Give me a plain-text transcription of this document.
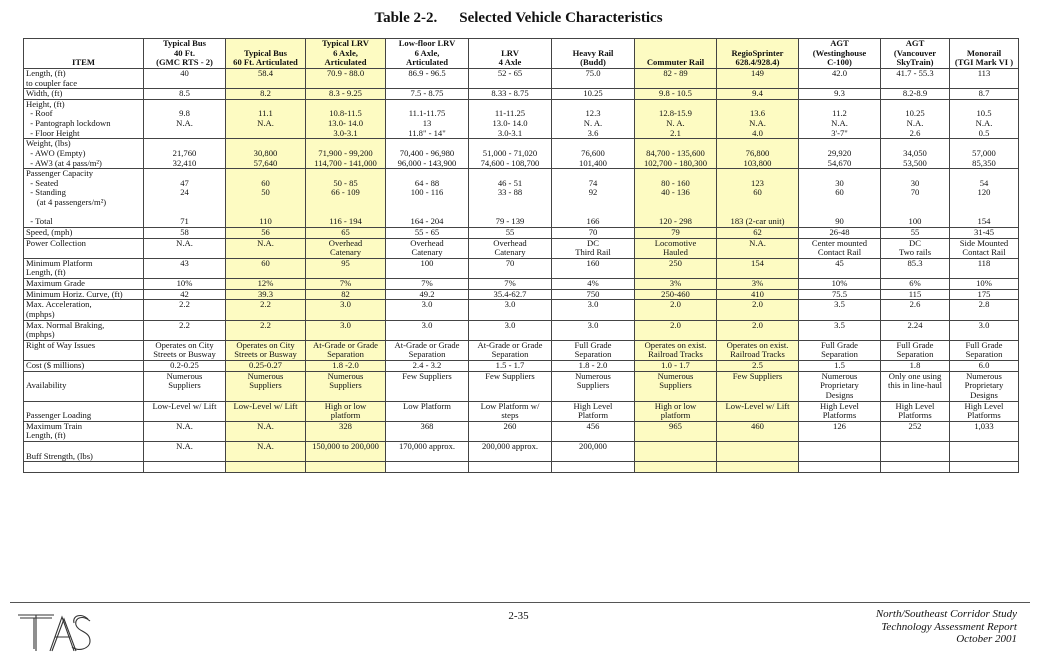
Table 2-2. Selected Vehicle Characteristics
ITEM	Typical Bus
40 Ft.
(GMC RTS - 2)	Typical Bus
60 Ft. Articulated	Typical LRV
6 Axle,
Articulated	Low-floor LRV
6 Axle,
Articulated	LRV
4 Axle	Heavy Rail
(Budd)	Commuter Rail	RegioSprinter
628.4/928.4)	AGT
(Westinghouse
C-100)	AGT
(Vancouver
SkyTrain)	Monorail
(TGI Mark VI )

Length, (ft)
to coupler face	40	58.4	70.9 - 88.0	86.9 - 96.5	52 - 65	75.0	82 - 89	149	42.0	41.7 - 55.3	113

Width, (ft)	8.5	8.2	8.3 - 9.25	7.5 - 8.75	8.33 - 8.75	10.25	9.8 - 10.5	9.4	9.3	8.2-8.9	8.7

Height, (ft)
- Roof
- Pantograph lockdown
- Floor Height	9.8
N.A.	11.1
N.A.	10.8-11.5
13.0- 14.0
3.0-3.1	11.1-11.75
13
11.8" - 14"	11-11.25
13.0- 14.0
3.0-3.1	12.3
N. A.
3.6	12.8-15.9
N. A.
2.1	13.6
N.A.
4.0	11.2
N.A.
3'-7"	10.25
N.A.
2.6	10.5
N.A.
0.5

Weight, (lbs)
- AWO (Empty)
- AW3 (at 4 pass/m²)	21,760
32,410	30,800
57,640	71,900 - 99,200
114,700 - 141,000	70,400 - 96,980
96,000 - 143,900	51,000 - 71,020
74,600 - 108,700	76,600
101,400	84,700 - 135,600
102,700 - 180,300	76,800
103,800	29,920
54,670	34,050
53,500	57,000
85,350

Passenger Capacity
- Seated
- Standing
(at 4 passengers/m²)

- Total	47
24

71	60
50

110	50 - 85
66 - 109

116 - 194	64 - 88
100 - 116

164 - 204	46 - 51
33 - 88

79 - 139	74
92

166	80 - 160
40 - 136

120 - 298	123
60

183 (2-car unit)	30
60

90	30
70

100	54
120

154

Speed, (mph)	58	56	65	55 - 65	55	70	79	62	26-48	55	31-45

Power Collection	N.A.	N.A.	Overhead
Catenary	Overhead
Catenary	Overhead
Catenary	DC
Third Rail	Locomotive
Hauled	N.A.	Center mounted
Contact Rail	DC
Two rails	Side Mounted
Contact Rail

Minimum Platform
Length, (ft)	43	60	95	100	70	160	250	154	45	85.3	118

Maximum Grade	10%	12%	7%	7%	7%	4%	3%	3%	10%	6%	10%

Minimum Horiz. Curve, (ft)	42	39.3	82	49.2	35.4-62.7	750	250-460	410	75.5	115	175

Max. Acceleration,
(mphps)	2.2	2.2	3.0	3.0	3.0	3.0	2.0	2.0	3.5	2.6	2.8

Max. Normal Braking,
(mphps)	2.2	2.2	3.0	3.0	3.0	3.0	2.0	2.0	3.5	2.24	3.0

Right of Way Issues	Operates on City
Streets or Busway	Operates on City
Streets or Busway	At-Grade or Grade
Separation	At-Grade or Grade
Separation	At-Grade or Grade
Separation	Full Grade
Separation	Operates on exist.
Railroad Tracks	Operates on exist.
Railroad Tracks	Full Grade
Separation	Full Grade
Separation	Full Grade
Separation

Cost ($ millions)	0.2-0.25	0.25-0.27	1.8 -2.0	2.4 - 3.2	1.5 - 1.7	1.8 - 2.0	1.0 - 1.7	2.5	1.5	1.8	6.0

Availability	Numerous
Suppliers	Numerous
Suppliers	Numerous
Suppliers	Few Suppliers	Few Suppliers	Numerous
Suppliers	Numerous
Suppliers	Few Suppliers	Numerous
Proprietary
Designs	Only one using
this in line-haul	Numerous
Proprietary
Designs

Passenger Loading	Low-Level w/ Lift	Low-Level w/ Lift	High or low
platform	Low Platform	Low Platform w/
steps	High Level
Platform	High or low
platform	Low-Level w/ Lift	High Level
Platforms	High Level
Platforms	High Level
Platforms

Maximum Train
Length, (ft)	N.A.	N.A.	328	368	260	456	965	460	126	252	1,033

Buff Strength, (lbs)	N.A.	N.A.	150,000 to 200,000	170,000 approx.	200,000 approx.	200,000					

2-35	North/Southeast Corridor Study
Technology Assessment Report
October 2001
